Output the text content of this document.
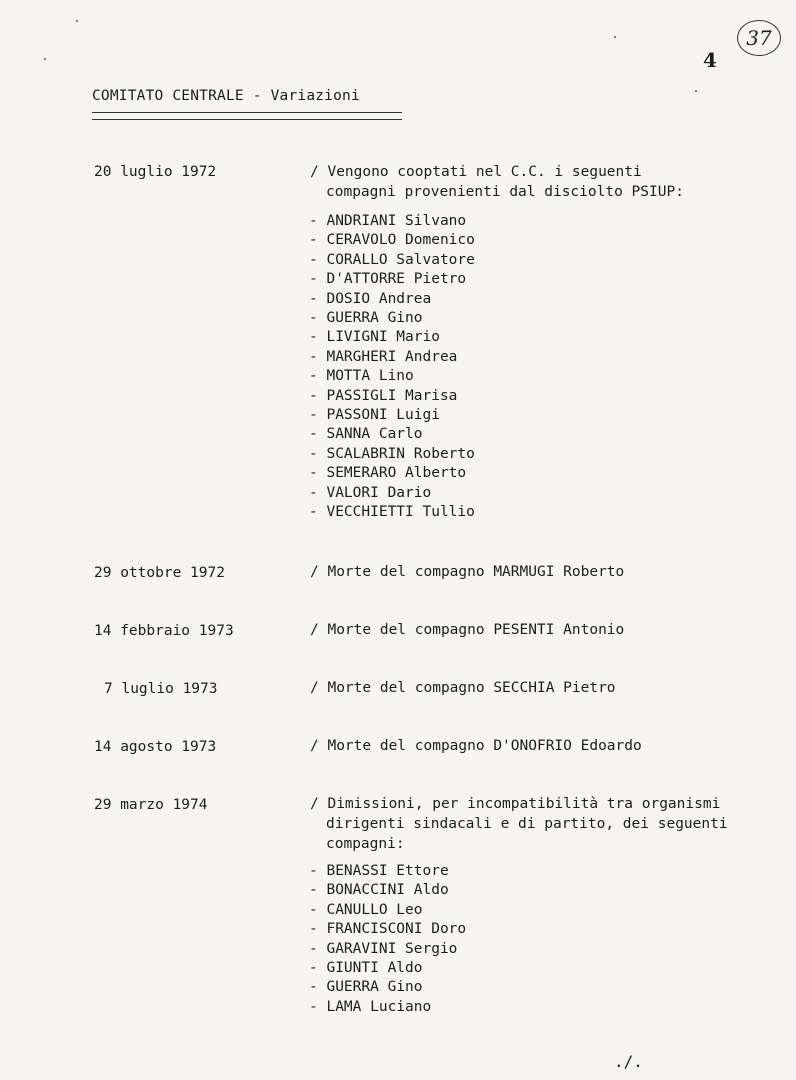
37
4
COMITATO CENTRALE - Variazioni
20 luglio 1972	/ Vengono cooptati nel C.C. i seguenti
compagni provenienti dal disciolto PSIUP:
- ANDRIANI Silvano
- CERAVOLO Domenico
- CORALLO Salvatore
- D'ATTORRE Pietro
- DOSIO Andrea
- GUERRA Gino
- LIVIGNI Mario
- MARGHERI Andrea
- MOTTA Lino
- PASSIGLI Marisa
- PASSONI Luigi
- SANNA Carlo
- SCALABRIN Roberto
- SEMERARO Alberto
- VALORI Dario
- VECCHIETTI Tullio
29 ottobre 1972	/ Morte del compagno MARMUGI Roberto
14 febbraio 1973	/ Morte del compagno PESENTI Antonio
7 luglio 1973	/ Morte del compagno SECCHIA Pietro
14 agosto 1973	/ Morte del compagno D'ONOFRIO Edoardo
29 marzo 1974	/ Dimissioni, per incompatibilità tra organismi
dirigenti sindacali e di partito, dei seguenti
compagni:
- BENASSI Ettore
- BONACCINI Aldo
- CANULLO Leo
- FRANCISCONI Doro
- GARAVINI Sergio
- GIUNTI Aldo
- GUERRA Gino
- LAMA Luciano
./.
